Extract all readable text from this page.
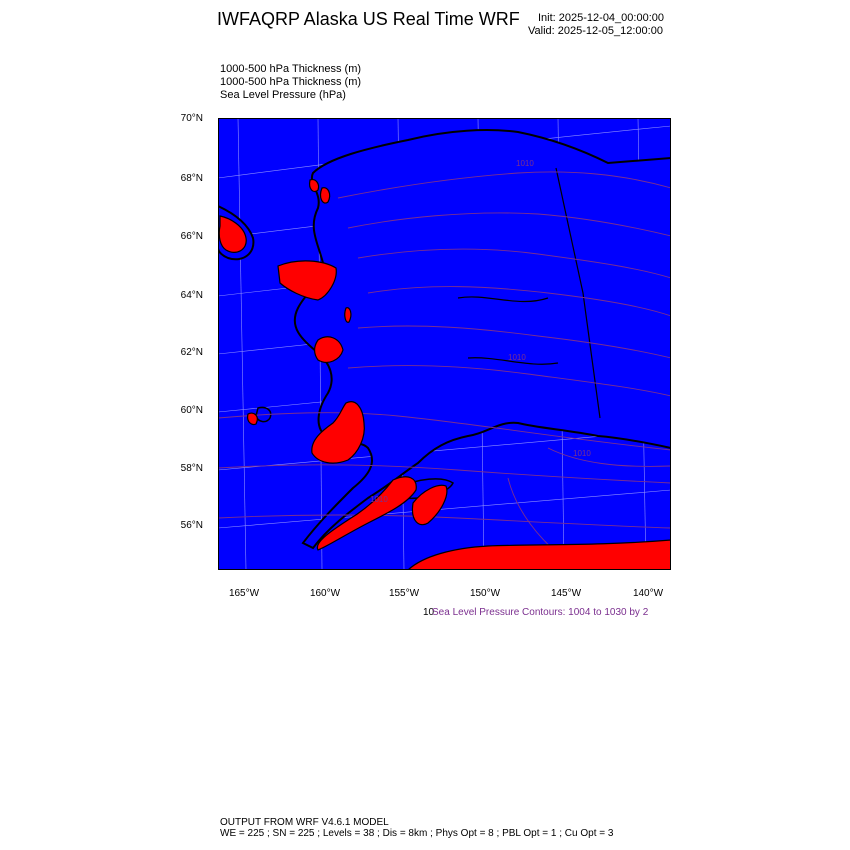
IWFAQRP Alaska US Real Time WRF Init: 2025-12-04_00:00:00
Valid: 2025-12-05_12:00:00
1000-500 hPa Thickness (m)
1000-500 hPa Thickness (m)
Sea Level Pressure (hPa)
1010
1010
1010
1010
70°N
68°N
66°N
64°N
62°N
60°N
58°N
56°N
165°W	160°W	155°W	150°W	145°W	140°W
10
Sea Level Pressure Contours: 1004 to 1030 by 2
OUTPUT FROM WRF V4.6.1 MODEL
WE = 225 ; SN = 225 ; Levels = 38 ; Dis = 8km ; Phys Opt = 8 ; PBL Opt = 1 ; Cu Opt = 3
